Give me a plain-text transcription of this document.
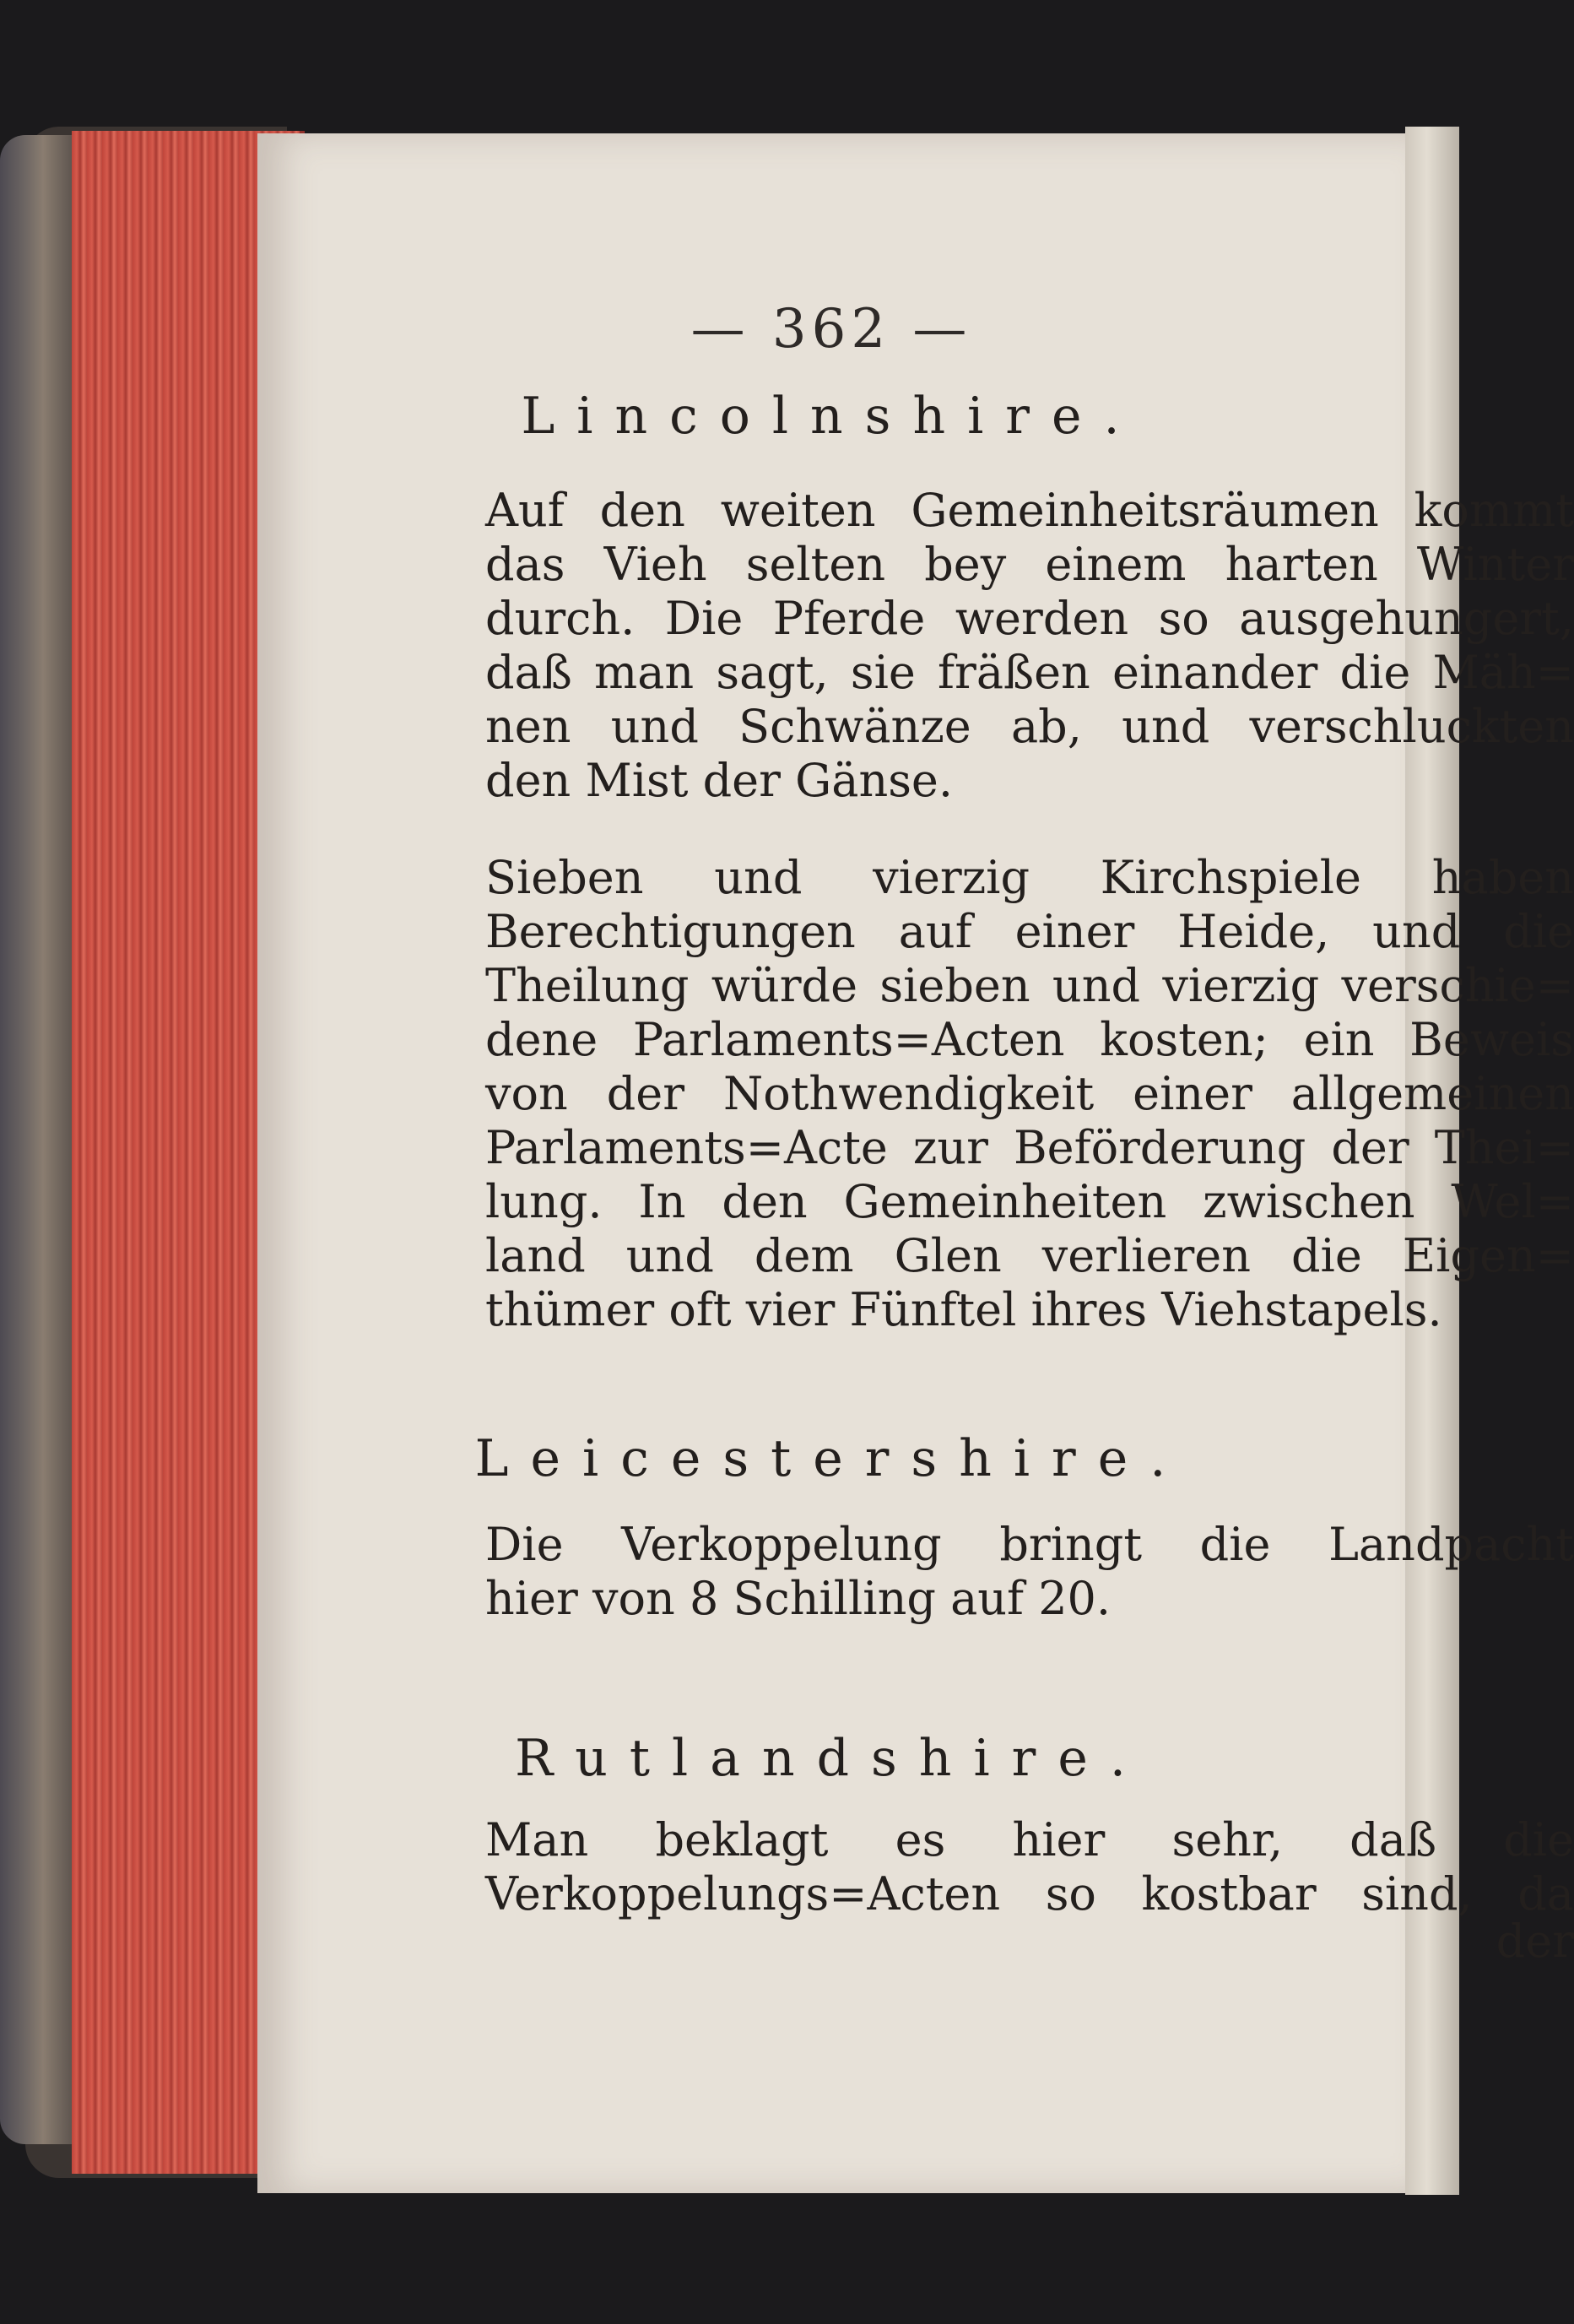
— 362 —
Lincolnshire.
Auf den weiten Gemeinheitsräumen kommt
das Vieh selten bey einem harten Winter
durch. Die Pferde werden so ausgehungert,
daß man sagt, sie fräßen einander die Mäh=
nen und Schwänze ab, und verschluckten
den Mist der Gänse.
Sieben und vierzig Kirchspiele haben
Berechtigungen auf einer Heide, und die
Theilung würde sieben und vierzig verschie=
dene Parlaments=Acten kosten; ein Beweis
von der Nothwendigkeit einer allgemeinen
Parlaments=Acte zur Beförderung der Thei=
lung. In den Gemeinheiten zwischen Wel=
land und dem Glen verlieren die Eigen=
thümer oft vier Fünftel ihres Viehstapels.
Leicestershire.
Die Verkoppelung bringt die Landpacht
hier von 8 Schilling auf 20.
Rutlandshire.
Man beklagt es hier sehr, daß die
Verkoppelungs=Acten so kostbar sind, da
der
